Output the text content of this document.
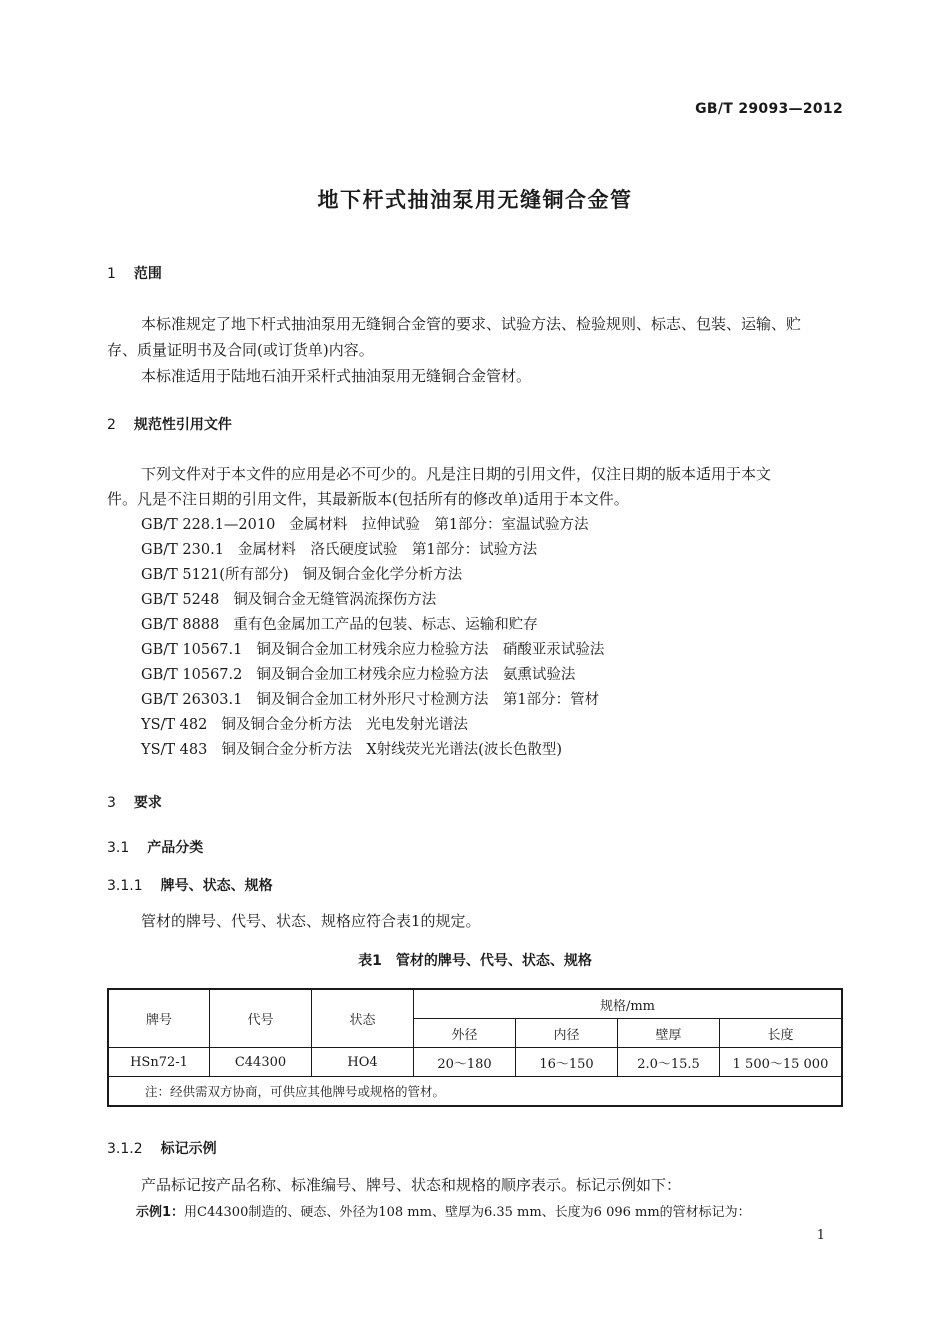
GB/T 29093—2012
地下杆式抽油泵用无缝铜合金管
1 范围
本标准规定了地下杆式抽油泵用无缝铜合金管的要求、试验方法、检验规则、标志、包装、运输、贮
存、质量证明书及合同(或订货单)内容。
本标准适用于陆地石油开采杆式抽油泵用无缝铜合金管材。
2 规范性引用文件
下列文件对于本文件的应用是必不可少的。凡是注日期的引用文件，仅注日期的版本适用于本文
件。凡是不注日期的引用文件，其最新版本(包括所有的修改单)适用于本文件。
GB/T 228.1—2010 金属材料　拉伸试验　第1部分：室温试验方法
GB/T 230.1 金属材料　洛氏硬度试验　第1部分：试验方法
GB/T 5121(所有部分) 铜及铜合金化学分析方法
GB/T 5248 铜及铜合金无缝管涡流探伤方法
GB/T 8888 重有色金属加工产品的包装、标志、运输和贮存
GB/T 10567.1 铜及铜合金加工材残余应力检验方法　硝酸亚汞试验法
GB/T 10567.2 铜及铜合金加工材残余应力检验方法　氨熏试验法
GB/T 26303.1 铜及铜合金加工材外形尺寸检测方法　第1部分：管材
YS/T 482 铜及铜合金分析方法　光电发射光谱法
YS/T 483 铜及铜合金分析方法　X射线荧光光谱法(波长色散型)
3 要求
3.1 产品分类
3.1.1 牌号、状态、规格
管材的牌号、代号、状态、规格应符合表1的规定。
表1　管材的牌号、代号、状态、规格
牌号	代号	状态	规格/mm			
			外径	内径	壁厚	长度
HSn72-1	C44300	HO4	20～180	16～150	2.0～15.5	1 500～15 000
注：经供需双方协商，可供应其他牌号或规格的管材。						
3.1.2 标记示例
产品标记按产品名称、标准编号、牌号、状态和规格的顺序表示。标记示例如下：
示例1：用C44300制造的、硬态、外径为108 mm、壁厚为6.35 mm、长度为6 096 mm的管材标记为：
1
